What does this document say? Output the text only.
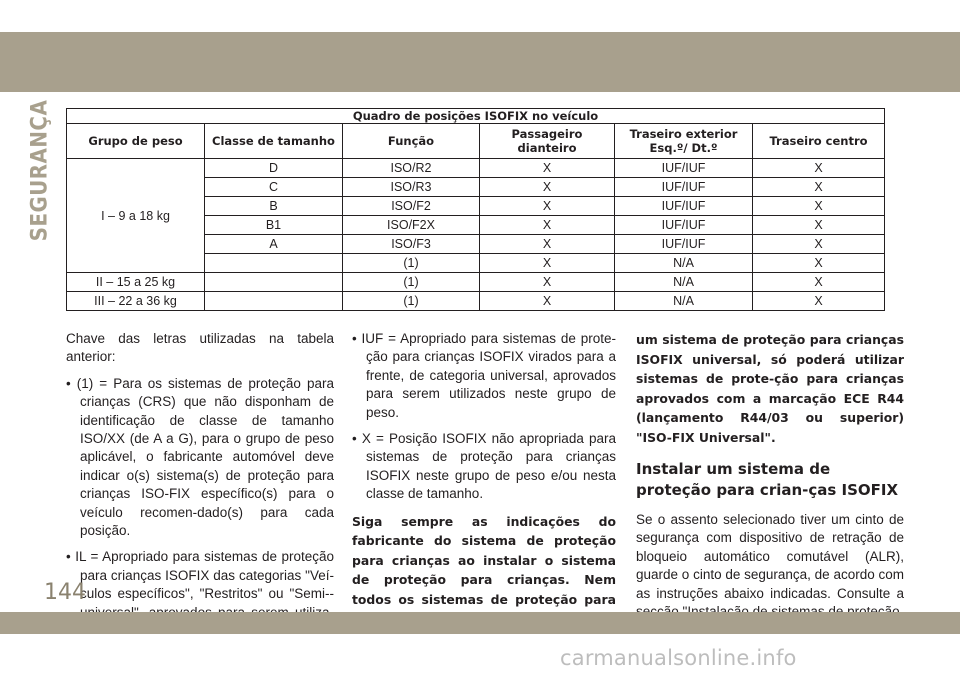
SEGURANÇA	Quadro de posições ISOFIX no veículo					
Grupo de peso	Classe de tamanho	Função	Passageiro dianteiro	Traseiro exterior Esq.º/ Dt.º	Traseiro centro
I – 9 a 18 kg	D	ISO/R2	X	IUF/IUF	X
	C	ISO/R3	X	IUF/IUF	X
	B	ISO/F2	X	IUF/IUF	X
	B1	ISO/F2X	X	IUF/IUF	X
	A	ISO/F3	X	IUF/IUF	X
		(1)	X	N/A	X
II – 15 a 25 kg		(1)	X	N/A	X
III – 22 a 36 kg		(1)	X	N/A	X

Chave das letras utilizadas na tabela anterior:

• (1) = Para os sistemas de proteção para crianças (CRS) que não disponham de identificação de classe de tamanho ISO/XX (de A a G), para o grupo de peso aplicável, o fabricante automóvel deve indicar o(s) sistema(s) de proteção para crianças ISO-FIX específico(s) para o veículo recomen-dado(s) para cada posição.

• IL = Apropriado para sistemas de proteção para crianças ISOFIX das categorias "Veí-culos específicos", "Restritos" ou "Semi--

• IUF = Apropriado para sistemas de prote-ção para crianças ISOFIX virados para a frente, de categoria universal, aprovados para serem utilizados neste grupo de peso.

• X = Posição ISOFIX não apropriada para sistemas de proteção para crianças ISOFIX neste grupo de peso e/ou nesta classe de tamanho.

Siga sempre as indicações do fabricante do sistema de proteção para crianças ao instalar o sistema de proteção para crianças. Nem todos os sistemas de proteção para

um sistema de proteção para crianças ISOFIX universal, só poderá utilizar sistemas de prote-ção para crianças aprovados com a marcação ECE R44 (lançamento R44/03 ou superior) "ISO-FIX Universal".

Instalar um sistema de proteção para crian-ças ISOFIX

Se o assento selecionado tiver um cinto de segurança com dispositivo de retração de bloqueio automático comutável (ALR), guarde o cinto de segurança, de acordo com as instruções abaixo indicadas. Consulte a

144
carmanualsonline.info
